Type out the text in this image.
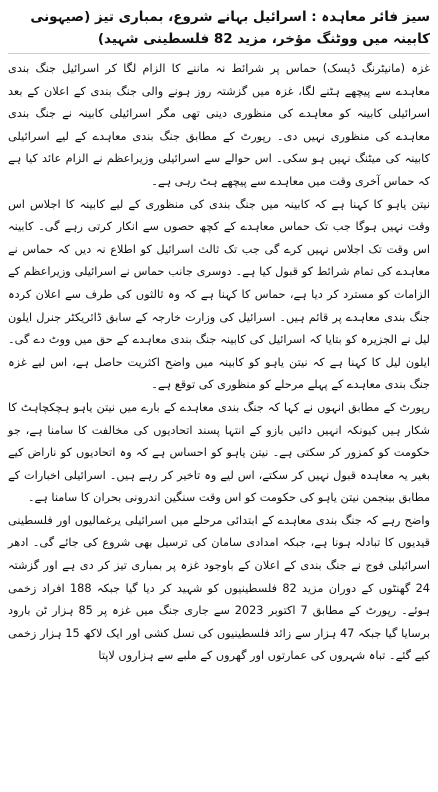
سیز فائر معاہدہ : اسرائیل بہانے شروع، بمباری تیز (صیہونی کابینہ میں ووٹنگ مؤخر، مزید 82 فلسطینی شہید)

غزہ (مانیٹرنگ ڈیسک) حماس پر شرائط نہ ماننے کا الزام لگا کر اسرائیل جنگ بندی معاہدے سے پیچھے ہٹنے لگا، غزہ میں گزشتہ روز ہونے والی جنگ بندی کے اعلان کے بعد اسرائیلی کابینہ کو معاہدے کی منظوری دینی تھی مگر اسرائیلی کابینہ نے جنگ بندی معاہدے کی منظوری نہیں دی۔ رپورٹ کے مطابق جنگ بندی معاہدے کے لیے اسرائیلی کابینہ کی میٹنگ نہیں ہو سکی۔ اس حوالے سے اسرائیلی وزیراعظم نے الزام عائد کیا ہے کہ حماس آخری وقت میں معاہدے سے پیچھے ہٹ رہی ہے۔

نیتن یاہو کا کہنا ہے کہ کابینہ میں جنگ بندی کی منظوری کے لیے کابینہ کا اجلاس اس وقت نہیں ہوگا جب تک حماس معاہدے کے کچھ حصوں سے انکار کرتی رہے گی۔ کابینہ اس وقت تک اجلاس نہیں کرے گی جب تک ثالث اسرائیل کو اطلاع نہ دیں کہ حماس نے معاہدے کی تمام شرائط کو قبول کیا ہے۔ دوسری جانب حماس نے اسرائیلی وزیراعظم کے الزامات کو مسترد کر دیا ہے، حماس کا کہنا ہے کہ وہ ثالثوں کی طرف سے اعلان کردہ جنگ بندی معاہدے پر قائم ہیں۔ اسرائیل کی وزارت خارجہ کے سابق ڈائریکٹر جنرل ایلون لیل نے الجزیرہ کو بتایا کہ اسرائیل کی کابینہ جنگ بندی معاہدے کے حق میں ووٹ دے گی۔ ایلون لیل کا کہنا ہے کہ نیتن یاہو کو کابینہ میں واضح اکثریت حاصل ہے، اس لیے غزہ جنگ بندی معاہدے کے پہلے مرحلے کو منظوری کی توقع ہے۔

رپورٹ کے مطابق انہوں نے کہا کہ جنگ بندی معاہدے کے بارے میں نیتن یاہو ہچکچاہٹ کا شکار ہیں کیونکہ انہیں دائیں بازو کے انتہا پسند اتحادیوں کی مخالفت کا سامنا ہے، جو حکومت کو کمزور کر سکتی ہے۔ نیتن یاہو کو احساس ہے کہ وہ اتحادیوں کو ناراض کیے بغیر یہ معاہدہ قبول نہیں کر سکتے، اس لیے وہ تاخیر کر رہے ہیں۔ اسرائیلی اخبارات کے مطابق بینجمن نیتن یاہو کی حکومت کو اس وقت سنگین اندرونی بحران کا سامنا ہے۔

واضح رہے کہ جنگ بندی معاہدے کے ابتدائی مرحلے میں اسرائیلی یرغمالیوں اور فلسطینی قیدیوں کا تبادلہ ہونا ہے، جبکہ امدادی سامان کی ترسیل بھی شروع کی جائے گی۔ ادھر اسرائیلی فوج نے جنگ بندی کے اعلان کے باوجود غزہ پر بمباری تیز کر دی ہے اور گزشتہ 24 گھنٹوں کے دوران مزید 82 فلسطینیوں کو شہید کر دیا گیا جبکہ 188 افراد زخمی ہوئے۔ رپورٹ کے مطابق 7 اکتوبر 2023 سے جاری جنگ میں غزہ پر 85 ہزار ٹن بارود برسایا گیا جبکہ 47 ہزار سے زائد فلسطینیوں کی نسل کشی اور ایک لاکھ 15 ہزار زخمی کیے گئے۔ تباہ شہروں کی عمارتوں اور گھروں کے ملبے سے ہزاروں لاپتا
